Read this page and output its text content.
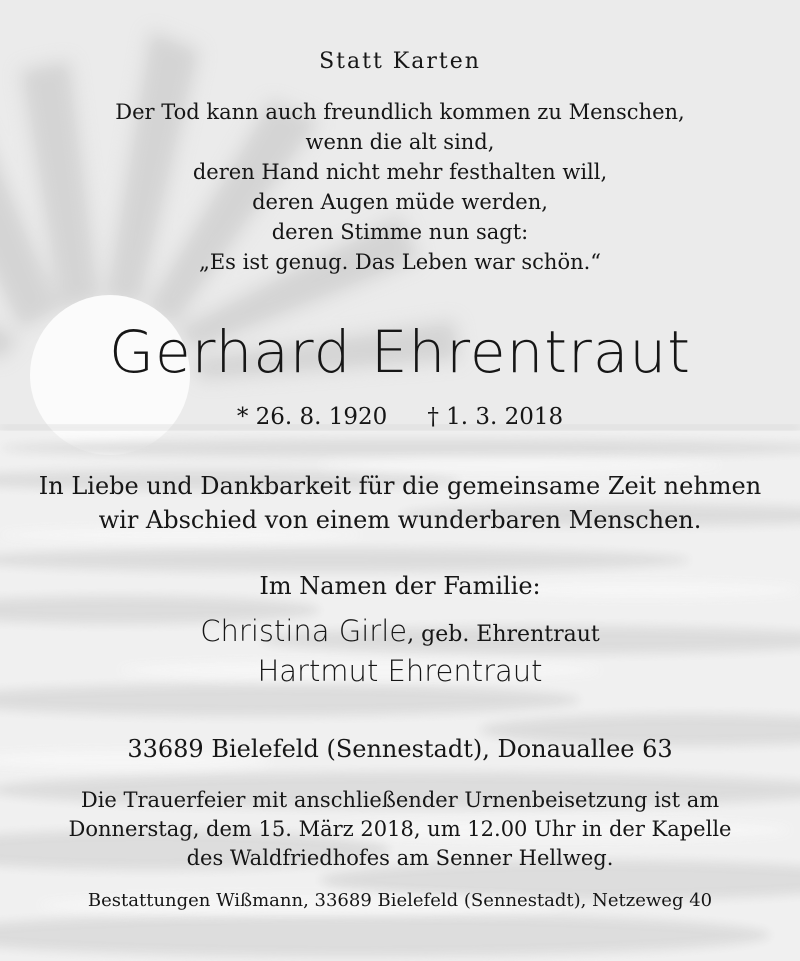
Statt Karten
Der Tod kann auch freundlich kommen zu Menschen,
wenn die alt sind,
deren Hand nicht mehr festhalten will,
deren Augen müde werden,
deren Stimme nun sagt:
„Es ist genug. Das Leben war schön.“
Gerhard Ehrentraut
* 26. 8. 1920 † 1. 3. 2018
In Liebe und Dankbarkeit für die gemeinsame Zeit nehmen
wir Abschied von einem wunderbaren Menschen.
Im Namen der Familie:
Christina Girle, geb. Ehrentraut
Hartmut Ehrentraut
33689 Bielefeld (Sennestadt), Donauallee 63
Die Trauerfeier mit anschließender Urnenbeisetzung ist am
Donnerstag, dem 15. März 2018, um 12.00 Uhr in der Kapelle
des Waldfriedhofes am Senner Hellweg.
Bestattungen Wißmann, 33689 Bielefeld (Sennestadt), Netzeweg 40
